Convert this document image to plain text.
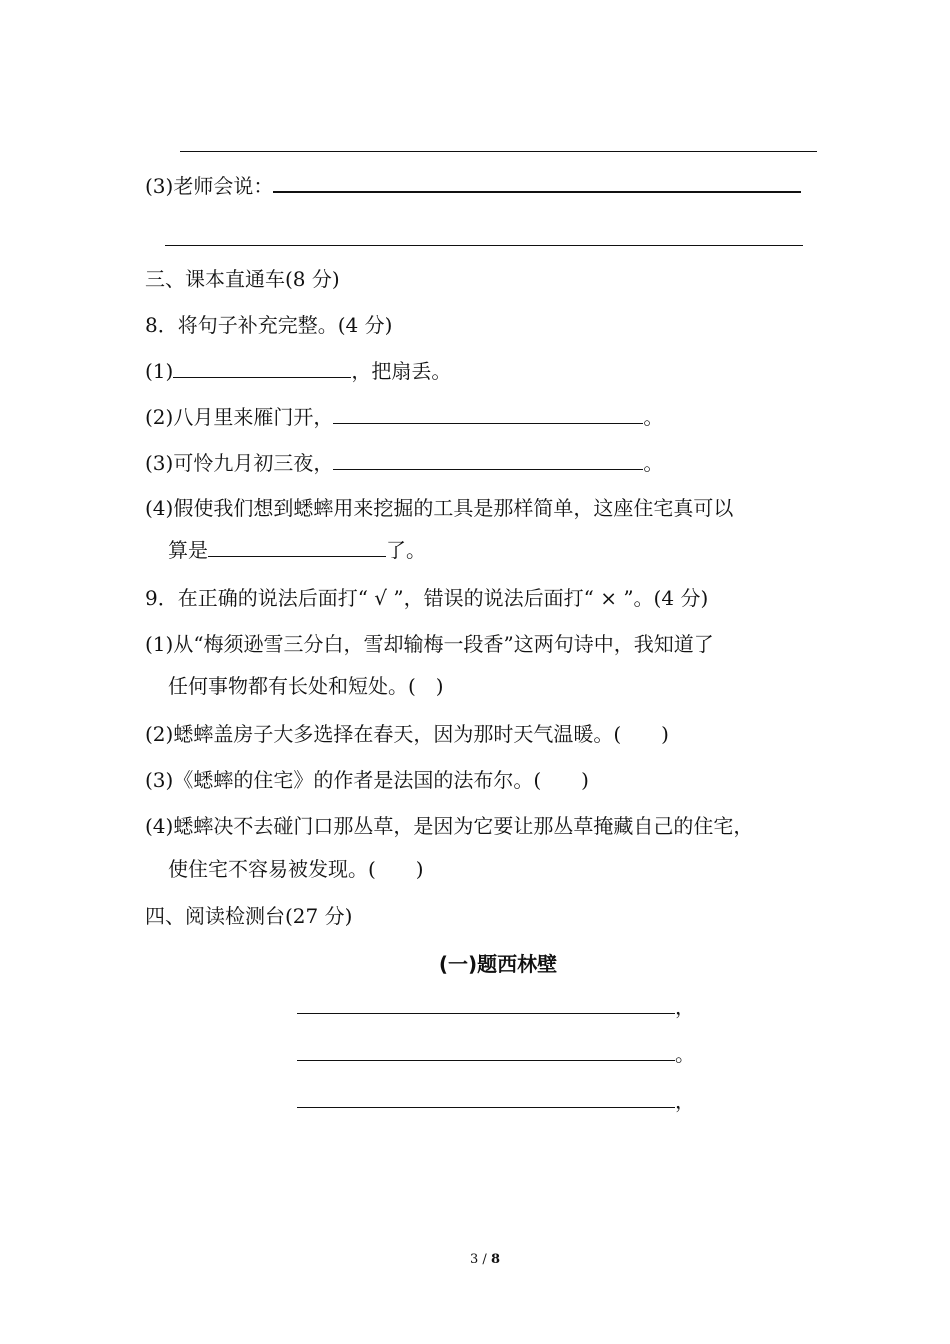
(3)老师会说：
三、课本直通车(8 分)
8．将句子补充完整。(4 分)
(1)	，把扇丢。
(2)八月里来雁门开，	。
(3)可怜九月初三夜，	。
(4)假使我们想到蟋蟀用来挖掘的工具是那样简单，这座住宅真可以
算是	了。
9．在正确的说法后面打“ √ ”，错误的说法后面打“ × ”。(4 分)
(1)从“梅须逊雪三分白，雪却输梅一段香”这两句诗中，我知道了
任何事物都有长处和短处。(　)
(2)蟋蟀盖房子大多选择在春天，因为那时天气温暖。(　　)
(3)《蟋蟀的住宅》的作者是法国的法布尔。(　　)
(4)蟋蟀决不去碰门口那丛草，是因为它要让那丛草掩藏自己的住宅，
使住宅不容易被发现。(　　)
四、阅读检测台(27 分)
(一)题西林壁
，
。
，
3 / 8
